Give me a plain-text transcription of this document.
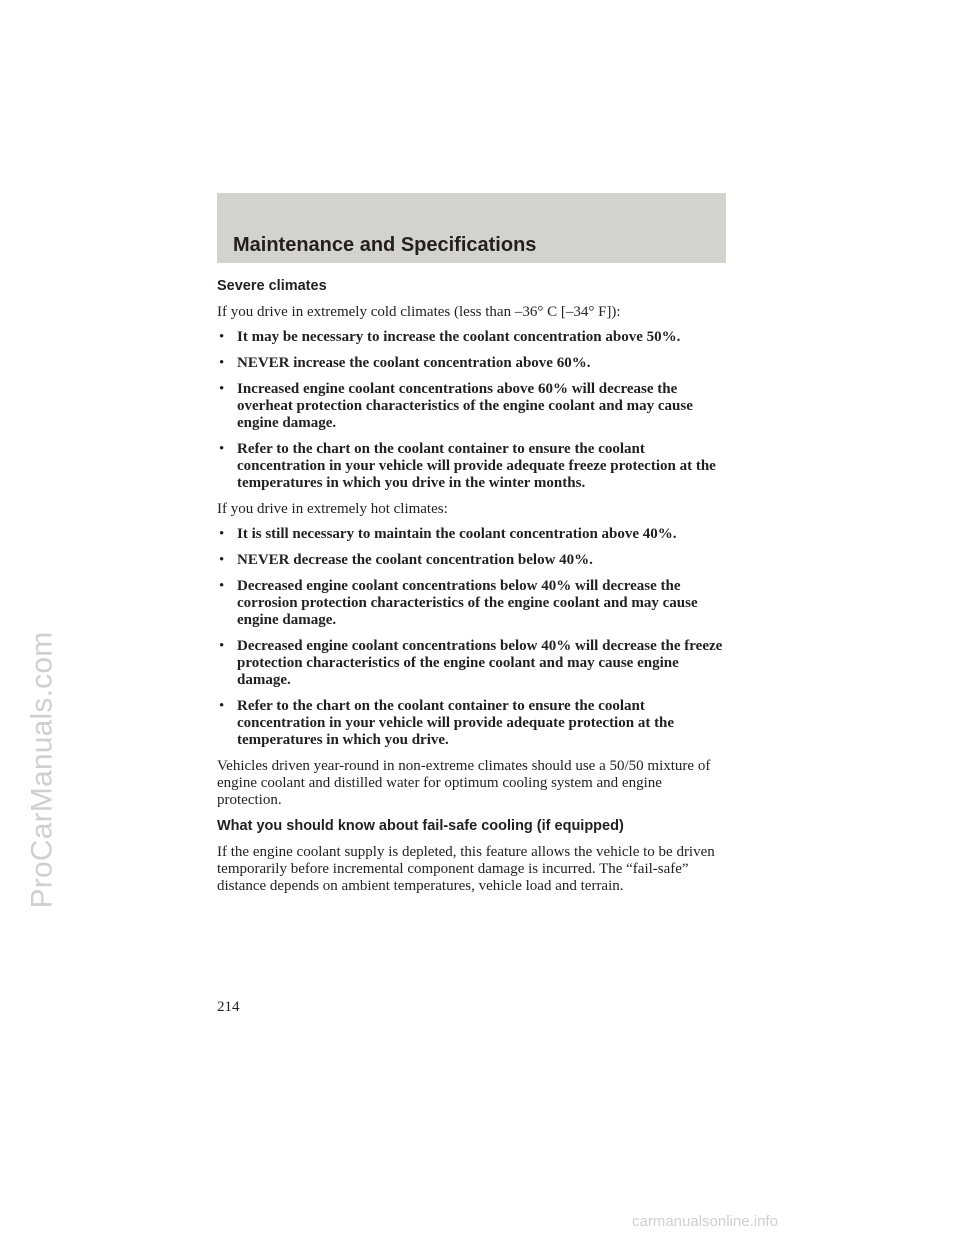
ProCarManuals.com
Maintenance and Specifications
Severe climates

If you drive in extremely cold climates (less than –36° C [–34° F]):

• It may be necessary to increase the coolant concentration above 50%.
• NEVER increase the coolant concentration above 60%.
• Increased engine coolant concentrations above 60% will decrease the overheat protection characteristics of the engine coolant and may cause engine damage.
• Refer to the chart on the coolant container to ensure the coolant concentration in your vehicle will provide adequate freeze protection at the temperatures in which you drive in the winter months.

If you drive in extremely hot climates:

• It is still necessary to maintain the coolant concentration above 40%.
• NEVER decrease the coolant concentration below 40%.
• Decreased engine coolant concentrations below 40% will decrease the corrosion protection characteristics of the engine coolant and may cause engine damage.
• Decreased engine coolant concentrations below 40% will decrease the freeze protection characteristics of the engine coolant and may cause engine damage.
• Refer to the chart on the coolant container to ensure the coolant concentration in your vehicle will provide adequate protection at the temperatures in which you drive.

Vehicles driven year-round in non-extreme climates should use a 50/50 mixture of engine coolant and distilled water for optimum cooling system and engine protection.

What you should know about fail-safe cooling (if equipped)

If the engine coolant supply is depleted, this feature allows the vehicle to be driven temporarily before incremental component damage is incurred. The “fail-safe” distance depends on ambient temperatures, vehicle load and terrain.

214

carmanualsonline.info
